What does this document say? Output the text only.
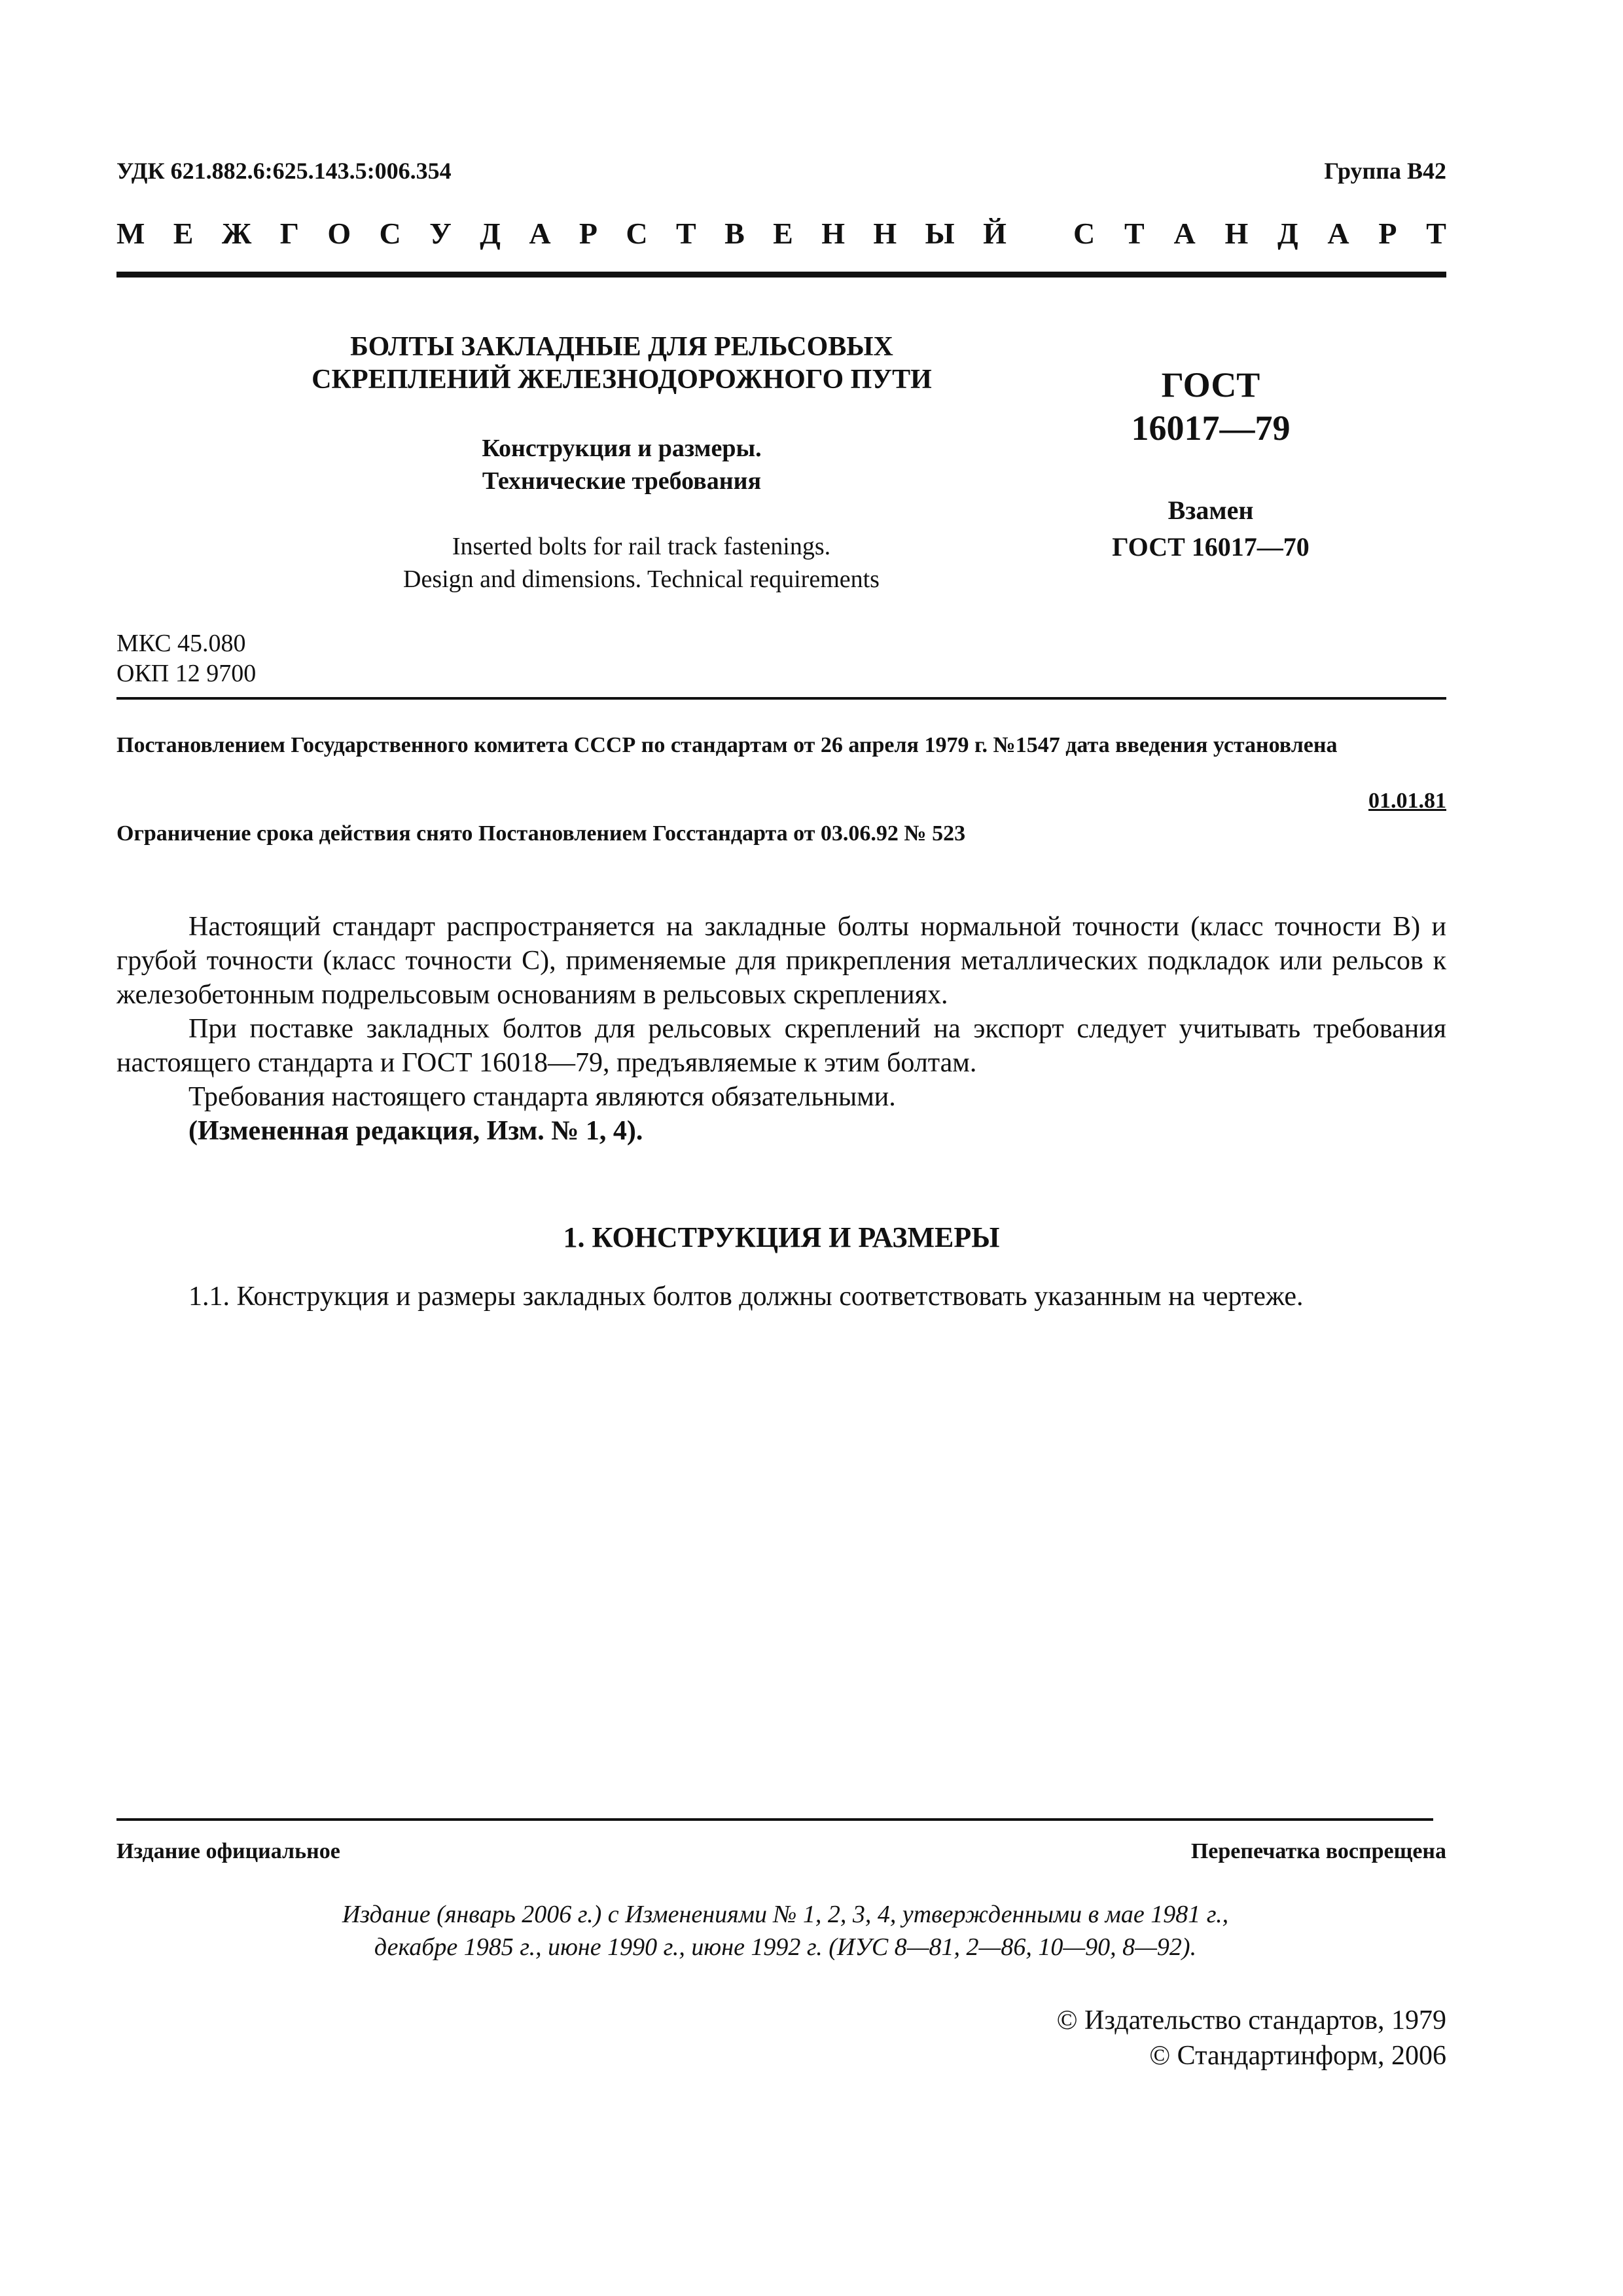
УДК 621.882.6:625.143.5:006.354	Группа В42
М Е Ж Г О С У Д А Р С Т В Е Н Н Ы Й С Т А Н Д А Р Т
БОЛТЫ ЗАКЛАДНЫЕ ДЛЯ РЕЛЬСОВЫХ
СКРЕПЛЕНИЙ ЖЕЛЕЗНОДОРОЖНОГО ПУТИ
Конструкция и размеры.
Технические требования
Inserted bolts for rail track fastenings.
Design and dimensions. Technical requirements
ГОСТ
16017—79
Взамен
ГОСТ 16017—70
МКС 45.080
ОКП 12 9700
Постановлением Государственного комитета СССР по стандартам от 26 апреля 1979 г. №1547 дата введения установлена
01.01.81
Ограничение срока действия снято Постановлением Госстандарта от 03.06.92 № 523

Настоящий стандарт распространяется на закладные болты нормальной точности (класс точности В) и грубой точности (класс точности С), применяемые для прикрепления металлических подкладок или рельсов к железобетонным подрельсовым основаниям в рельсовых скреплениях.

При поставке закладных болтов для рельсовых скреплений на экспорт следует учитывать требования настоящего стандарта и ГОСТ 16018—79, предъявляемые к этим болтам.

Требования настоящего стандарта являются обязательными.

(Измененная редакция, Изм. № 1, 4).

1. КОНСТРУКЦИЯ И РАЗМЕРЫ

1.1. Конструкция и размеры закладных болтов должны соответствовать указанным на чертеже.

Издание официальное	Перепечатка воспрещена
Издание (январь 2006 г.) с Изменениями № 1, 2, 3, 4, утвержденными в мае 1981 г.,
декабре 1985 г., июне 1990 г., июне 1992 г. (ИУС 8—81, 2—86, 10—90, 8—92).
© Издательство стандартов, 1979
© Стандартинформ, 2006
